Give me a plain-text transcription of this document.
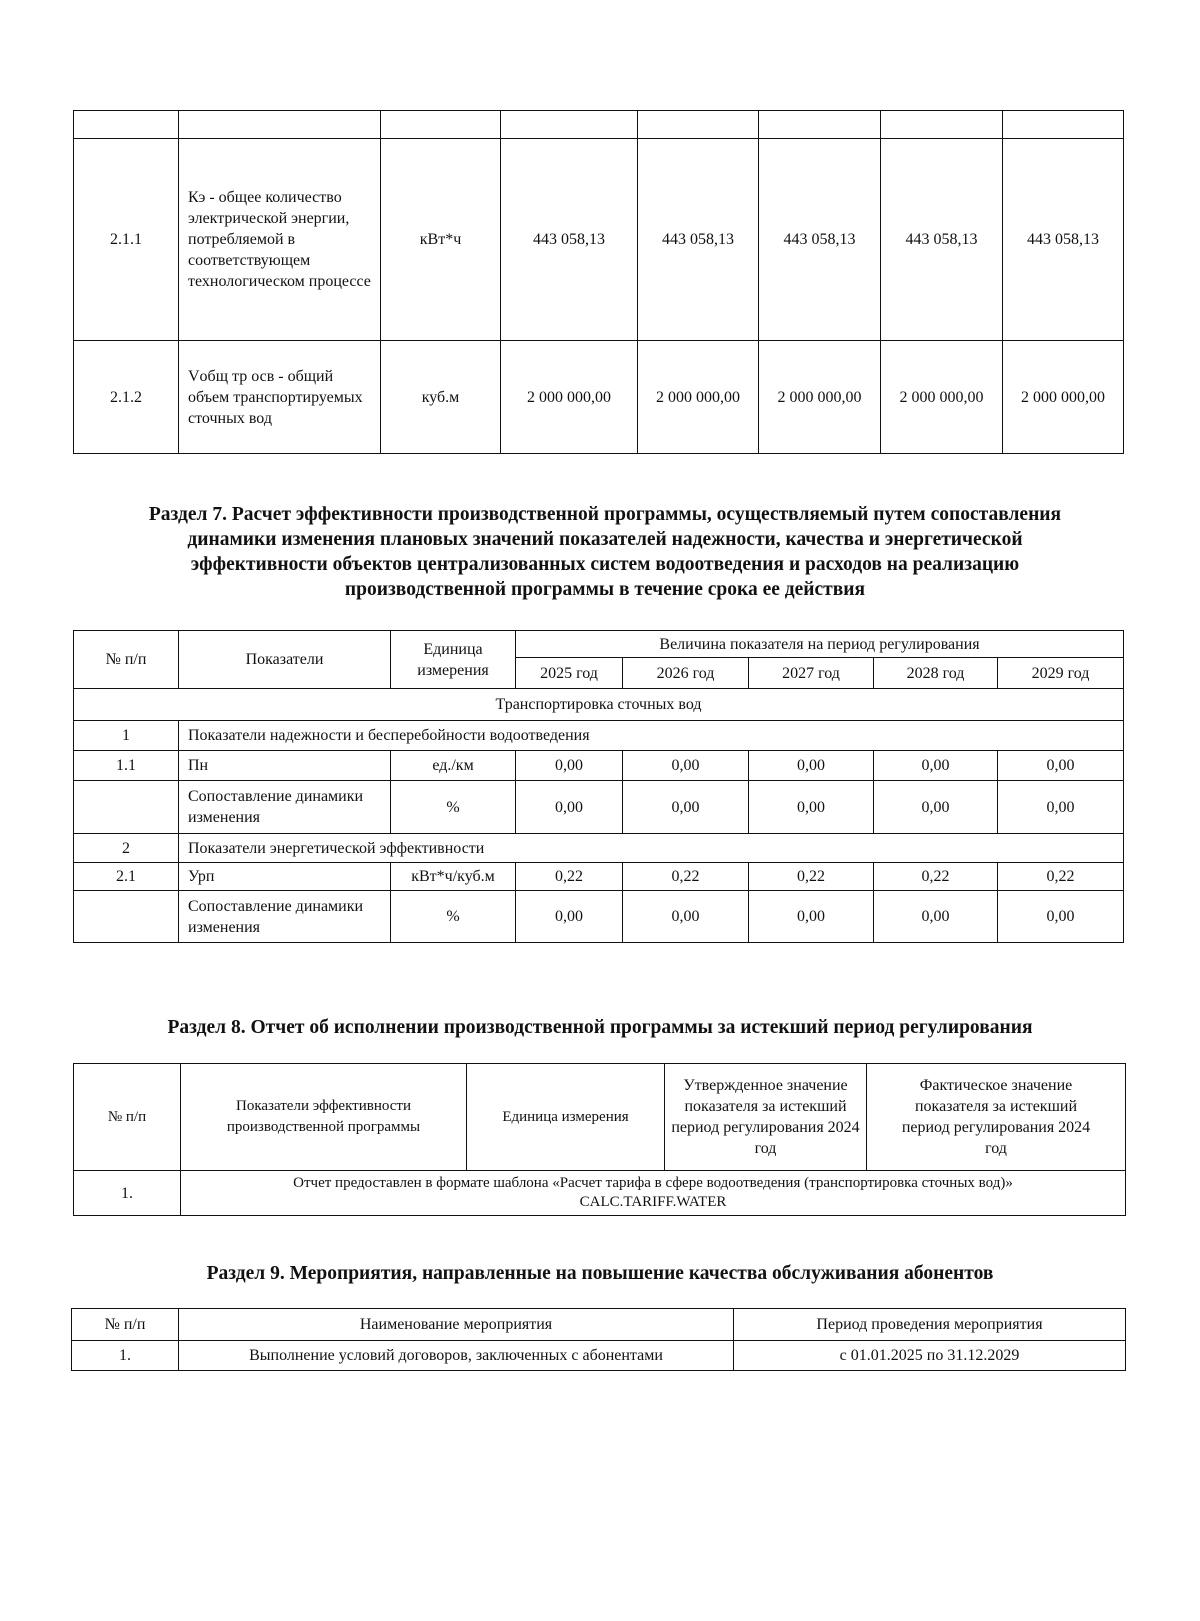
2.1.1	Кэ - общее количество электрической энергии, потребляемой в соответствующем технологическом процессе	кВт*ч	443 058,13	443 058,13	443 058,13	443 058,13	443 058,13
2.1.2	Vобщ тр осв - общий объем транспортируемых сточных вод	куб.м	2 000 000,00	2 000 000,00	2 000 000,00	2 000 000,00	2 000 000,00
Раздел 7. Расчет эффективности производственной программы, осуществляемый путем сопоставления динамики изменения плановых значений показателей надежности, качества и энергетической эффективности объектов централизованных систем водоотведения и расходов на реализацию производственной программы в течение срока ее действия
№ п/п	Показатели	Единица измерения	Величина показателя на период регулирования				
			2025 год	2026 год	2027 год	2028 год	2029 год
Транспортировка сточных вод							
1	Показатели надежности и бесперебойности водоотведения						
1.1	Пн	ед./км	0,00	0,00	0,00	0,00	0,00
	Сопоставление динамики изменения	%	0,00	0,00	0,00	0,00	0,00
2	Показатели энергетической эффективности						
2.1	Урп	кВт*ч/куб.м	0,22	0,22	0,22	0,22	0,22
	Сопоставление динамики изменения	%	0,00	0,00	0,00	0,00	0,00
Раздел 8. Отчет об исполнении производственной программы за истекший период регулирования
№ п/п	Показатели эффективности производственной программы	Единица измерения	Утвержденное значение показателя за истекший период регулирования 2024 год	Фактическое значение показателя за истекший период регулирования 2024 год
1.	Отчет предоставлен в формате шаблона «Расчет тарифа в сфере водоотведения (транспортировка сточных вод)»
CALC.TARIFF.WATER			
Раздел 9. Мероприятия, направленные на повышение качества обслуживания абонентов
№ п/п	Наименование мероприятия	Период проведения мероприятия
1.	Выполнение условий договоров, заключенных с абонентами	с 01.01.2025 по 31.12.2029
